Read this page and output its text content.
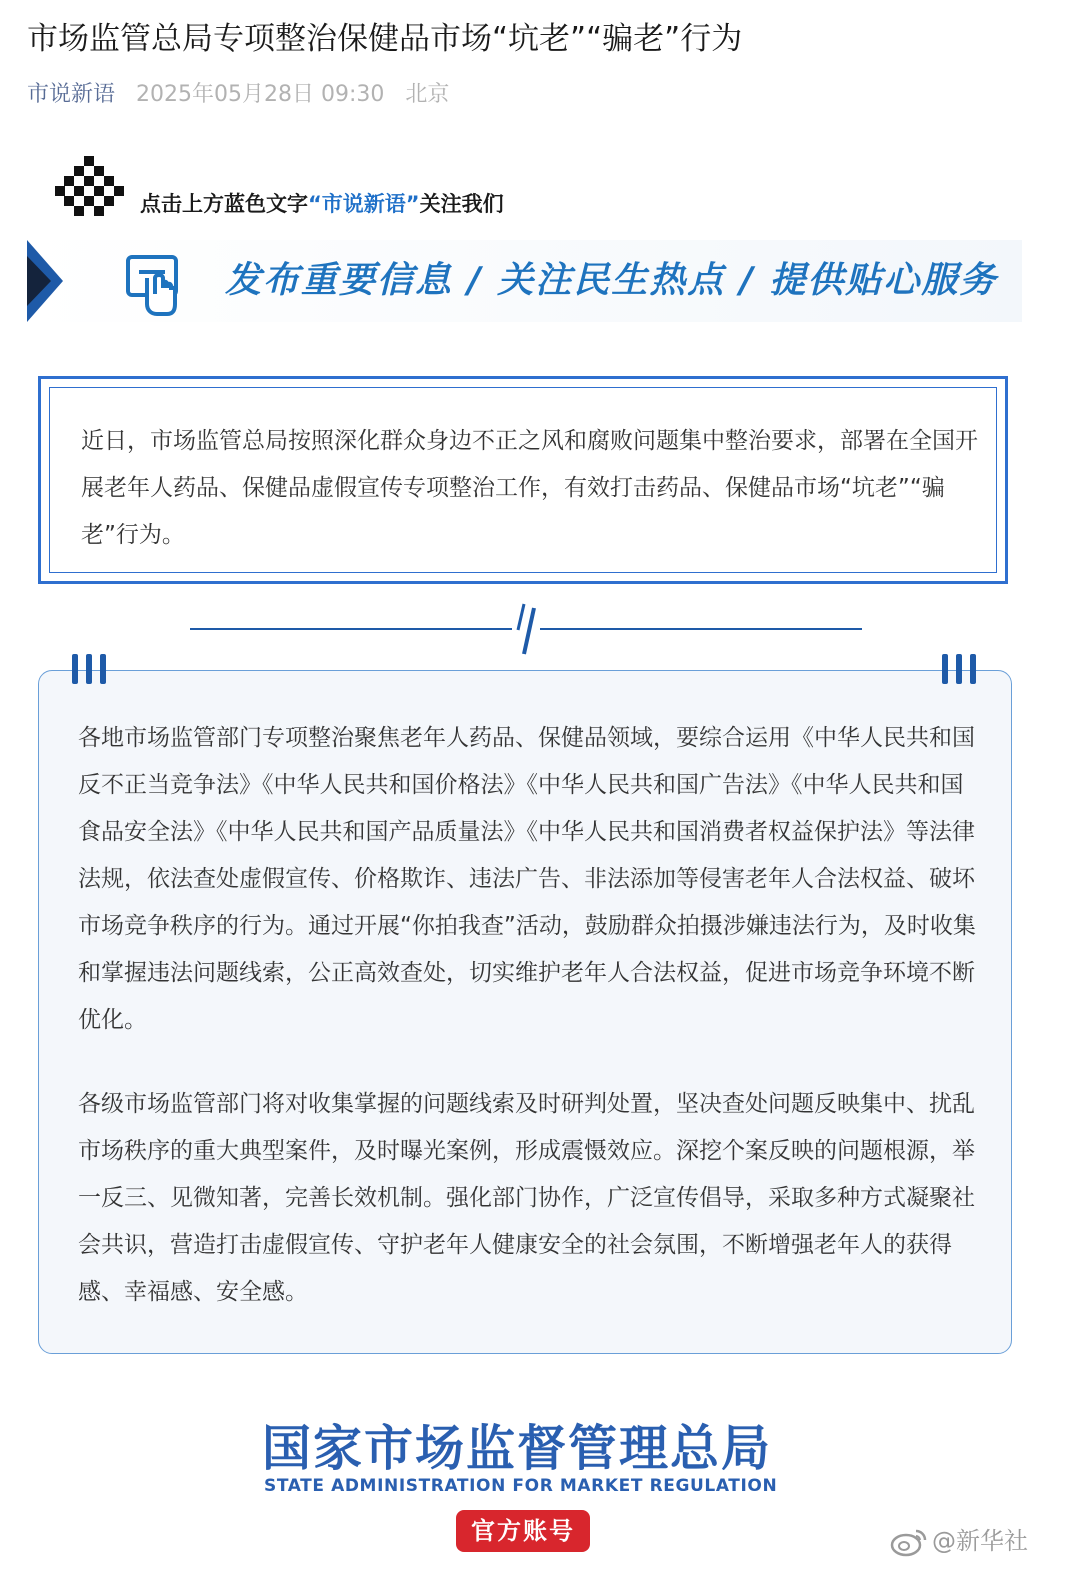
市场监管总局专项整治保健品市场“坑老”“骗老”行为
市说新语 2025年05月28日 09:30 北京
点击上方蓝色文字“市说新语”关注我们
发布重要信息 / 关注民生热点 / 提供贴心服务

近日，市场监管总局按照深化群众身边不正之风和腐败问题集中整治要求，部署在全国开展老年人药品、保健品虚假宣传专项整治工作，有效打击药品、保健品市场“坑老”“骗老”行为。

各地市场监管部门专项整治聚焦老年人药品、保健品领域，要综合运用《中华人民共和国反不正当竞争法》《中华人民共和国价格法》《中华人民共和国广告法》《中华人民共和国食品安全法》《中华人民共和国产品质量法》《中华人民共和国消费者权益保护法》等法律法规，依法查处虚假宣传、价格欺诈、违法广告、非法添加等侵害老年人合法权益、破坏市场竞争秩序的行为。通过开展“你拍我查”活动，鼓励群众拍摄涉嫌违法行为，及时收集和掌握违法问题线索，公正高效查处，切实维护老年人合法权益，促进市场竞争环境不断优化。

各级市场监管部门将对收集掌握的问题线索及时研判处置，坚决查处问题反映集中、扰乱市场秩序的重大典型案件，及时曝光案例，形成震慑效应。深挖个案反映的问题根源，举一反三、见微知著，完善长效机制。强化部门协作，广泛宣传倡导，采取多种方式凝聚社会共识，营造打击虚假宣传、守护老年人健康安全的社会氛围，不断增强老年人的获得感、幸福感、安全感。

国家市场监督管理总局
STATE ADMINISTRATION FOR MARKET REGULATION
官方账号	@新华社
